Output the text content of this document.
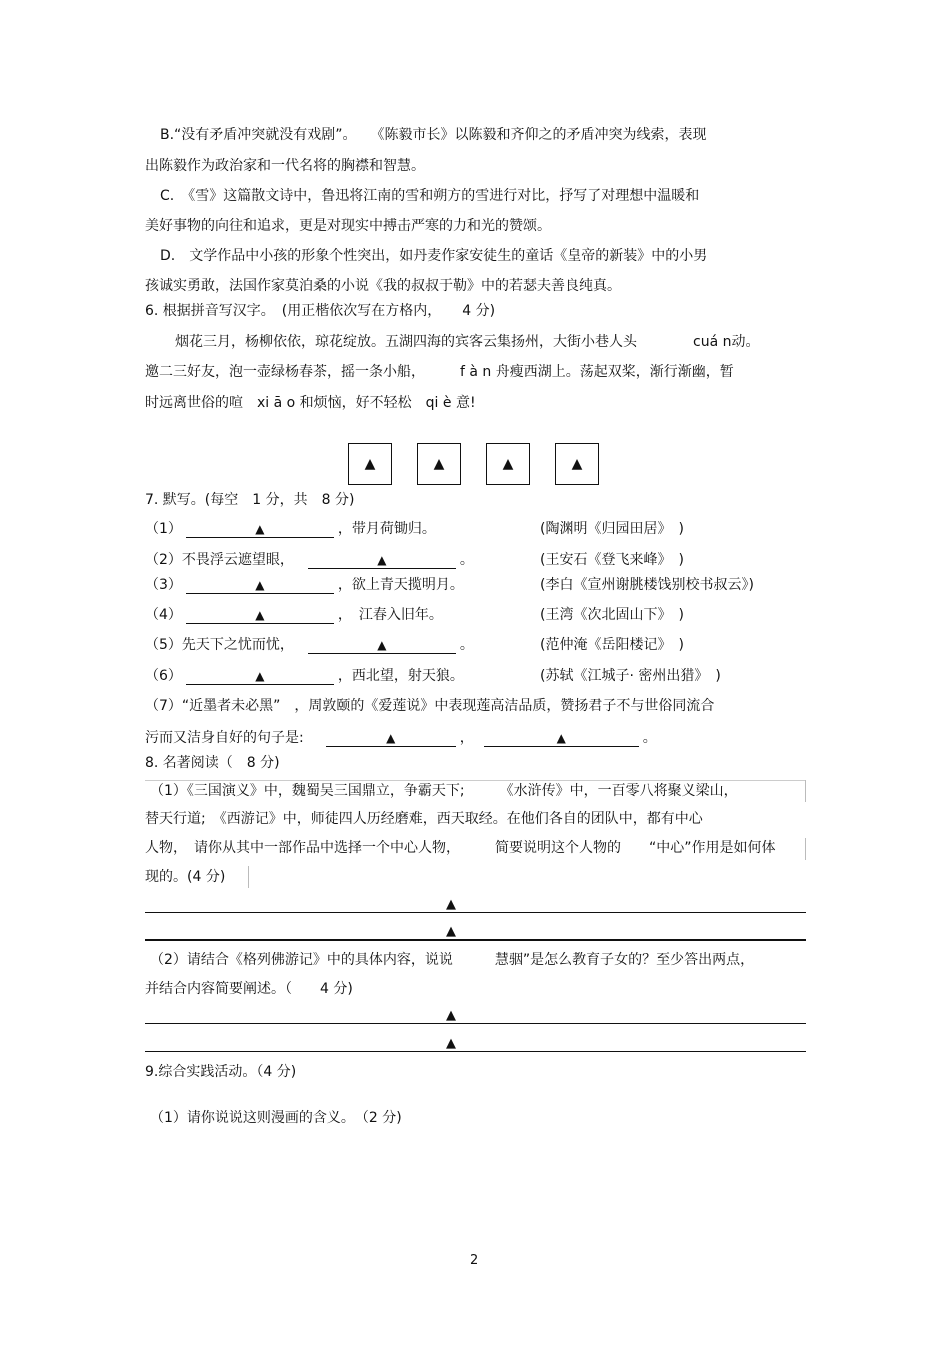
B.“没有矛盾冲突就没有戏剧”。　　《陈毅市长》以陈毅和齐仰之的矛盾冲突为线索，表现
出陈毅作为政治家和一代名将的胸襟和智慧。
C.　《雪》这篇散文诗中，鲁迅将江南的雪和朔方的雪进行对比，抒写了对理想中温暖和
美好事物的向往和追求，更是对现实中搏击严寒的力和光的赞颂。
D.　文学作品中小孩的形象个性突出，如丹麦作家安徒生的童话《皇帝的新装》中的小男
孩诚实勇敢，法国作家莫泊桑的小说《我的叔叔于勒》中的若瑟夫善良纯真。
6. 根据拼音写汉字。　(用正楷依次写在方格内，　　4 分)
烟花三月，杨柳依依，琼花绽放。五湖四海的宾客云集扬州，大街小巷人头　　　　cuá n动。
邀二三好友，泡一壶绿杨春茶，摇一条小船，　　　f à n 舟瘦西湖上。荡起双桨，渐行渐幽，暂
时远离世俗的喧　xi ā o 和烦恼，好不轻松　qi è 意!
▲	▲	▲	▲
7. 默写。(每空　1 分，共　8 分)
（1）	▲	，带月荷锄归。	(陶渊明《归园田居》　)
（2）不畏浮云遮望眼，	▲	。	(王安石《登飞来峰》　)
（3）	▲	，欲上青天揽明月。	(李白《宣州谢朓楼饯别校书叔云》)
（4）	▲	，　江春入旧年。	(王湾《次北固山下》　)
（5）先天下之忧而忧，	▲	。	(范仲淹《岳阳楼记》　)
（6）	▲	，西北望，射天狼。	(苏轼《江城子· 密州出猎》　)
（7）“近墨者未必黑”　，周敦颐的《爱莲说》中表现莲高洁品质，赞扬君子不与世俗同流合
污而又洁身自好的句子是:	▲	，	▲	。
8. 名著阅读（　8 分)
（1）《三国演义》中，魏蜀吴三国鼎立，争霸天下;　　　《水浒传》中，一百零八将聚义梁山，
替天行道;　《西游记》中，师徒四人历经磨难，西天取经。在他们各自的团队中，都有中心
人物，　请你从其中一部作品中选择一个中心人物，　　　简要说明这个人物的　　“中心”作用是如何体
现的。(4 分)
▲
▲
（2）请结合《格列佛游记》中的具体内容，说说　　　慧骃”是怎么教育子女的？至少答出两点，
并结合内容简要阐述。（　　4 分)
▲
▲
9.综合实践活动。（4 分)
（1）请你说说这则漫画的含义。　（2 分)
2
